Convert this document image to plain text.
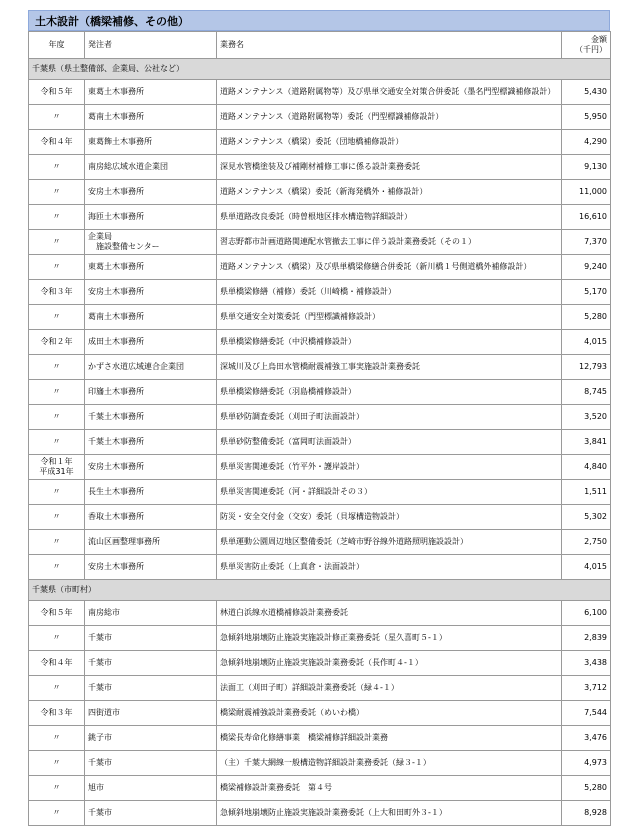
土木設計（橋梁補修、その他）
年度	発注者	業務名	金額
（千円）

千葉県（県土整備部、企業局、公社など）			
令和５年	東葛土木事務所	道路メンテナンス（道路附属物等）及び県単交通安全対策合併委託（墨名門型標識補修設計）	5,430
〃	葛南土木事務所	道路メンテナンス（道路附属物等）委託（門型標識補修設計）	5,950
令和４年	東葛飾土木事務所	道路メンテナンス（橋梁）委託（団地橋補修設計）	4,290
〃	南房総広域水道企業団	深見水管橋塗装及び補剛材補修工事に係る設計業務委託	9,130
〃	安房土木事務所	道路メンテナンス（橋梁）委託（新海発橋外・補修設計）	11,000
〃	海匝土木事務所	県単道路改良委託（時曽根地区排水構造物詳細設計）	16,610
〃	企業局
　施設整備センター	習志野都市計画道路関連配水管撤去工事に伴う設計業務委託（その１）	7,370
〃	東葛土木事務所	道路メンテナンス（橋梁）及び県単橋梁修繕合併委託（新川橋１号側道橋外補修設計）	9,240
令和３年	安房土木事務所	県単橋梁修繕（補修）委託（川崎橋・補修設計）	5,170
〃	葛南土木事務所	県単交通安全対策委託（門型標識補修設計）	5,280
令和２年	成田土木事務所	県単橋梁修繕委託（中沢橋補修設計）	4,015
〃	かずさ水道広域連合企業団	深城川及び上烏田水管橋耐震補強工事実施設計業務委託	12,793
〃	印旛土木事務所	県単橋梁修繕委託（羽島橋補修設計）	8,745
〃	千葉土木事務所	県単砂防調査委託（刈田子町法面設計）	3,520
〃	千葉土木事務所	県単砂防整備委託（富岡町法面設計）	3,841
令和１年
平成31年	安房土木事務所	県単災害関連委託（竹平外・護岸設計）	4,840
〃	長生土木事務所	県単災害関連委託（河・詳細設計その３）	1,511
〃	香取土木事務所	防災・安全交付金（交安）委託（貝塚構造物設計）	5,302
〃	流山区画整理事務所	県単運動公園周辺地区整備委託（芝崎市野谷線外道路照明施設設計）	2,750
〃	安房土木事務所	県単災害防止委託（上真倉・法面設計）	4,015
千葉県（市町村）			
令和５年	南房総市	林道白浜線水道橋補修設計業務委託	6,100
〃	千葉市	急傾斜地崩壊防止施設実施設計修正業務委託（星久喜町５-１）	2,839
令和４年	千葉市	急傾斜地崩壊防止施設実施設計業務委託（長作町４-１）	3,438
〃	千葉市	法面工（刈田子町）詳細設計業務委託（緑４-１）	3,712
令和３年	四街道市	橋梁耐震補強設計業務委託（めいわ橋）	7,544
〃	銚子市	橋梁長寿命化修繕事業　橋梁補修詳細設計業務	3,476
〃	千葉市	（主）千葉大網線一般構造物詳細設計業務委託（緑３-１）	4,973
〃	旭市	橋梁補修設計業務委託　第４号	5,280
〃	千葉市	急傾斜地崩壊防止施設実施設計業務委託（上大和田町外３-１）	8,928
